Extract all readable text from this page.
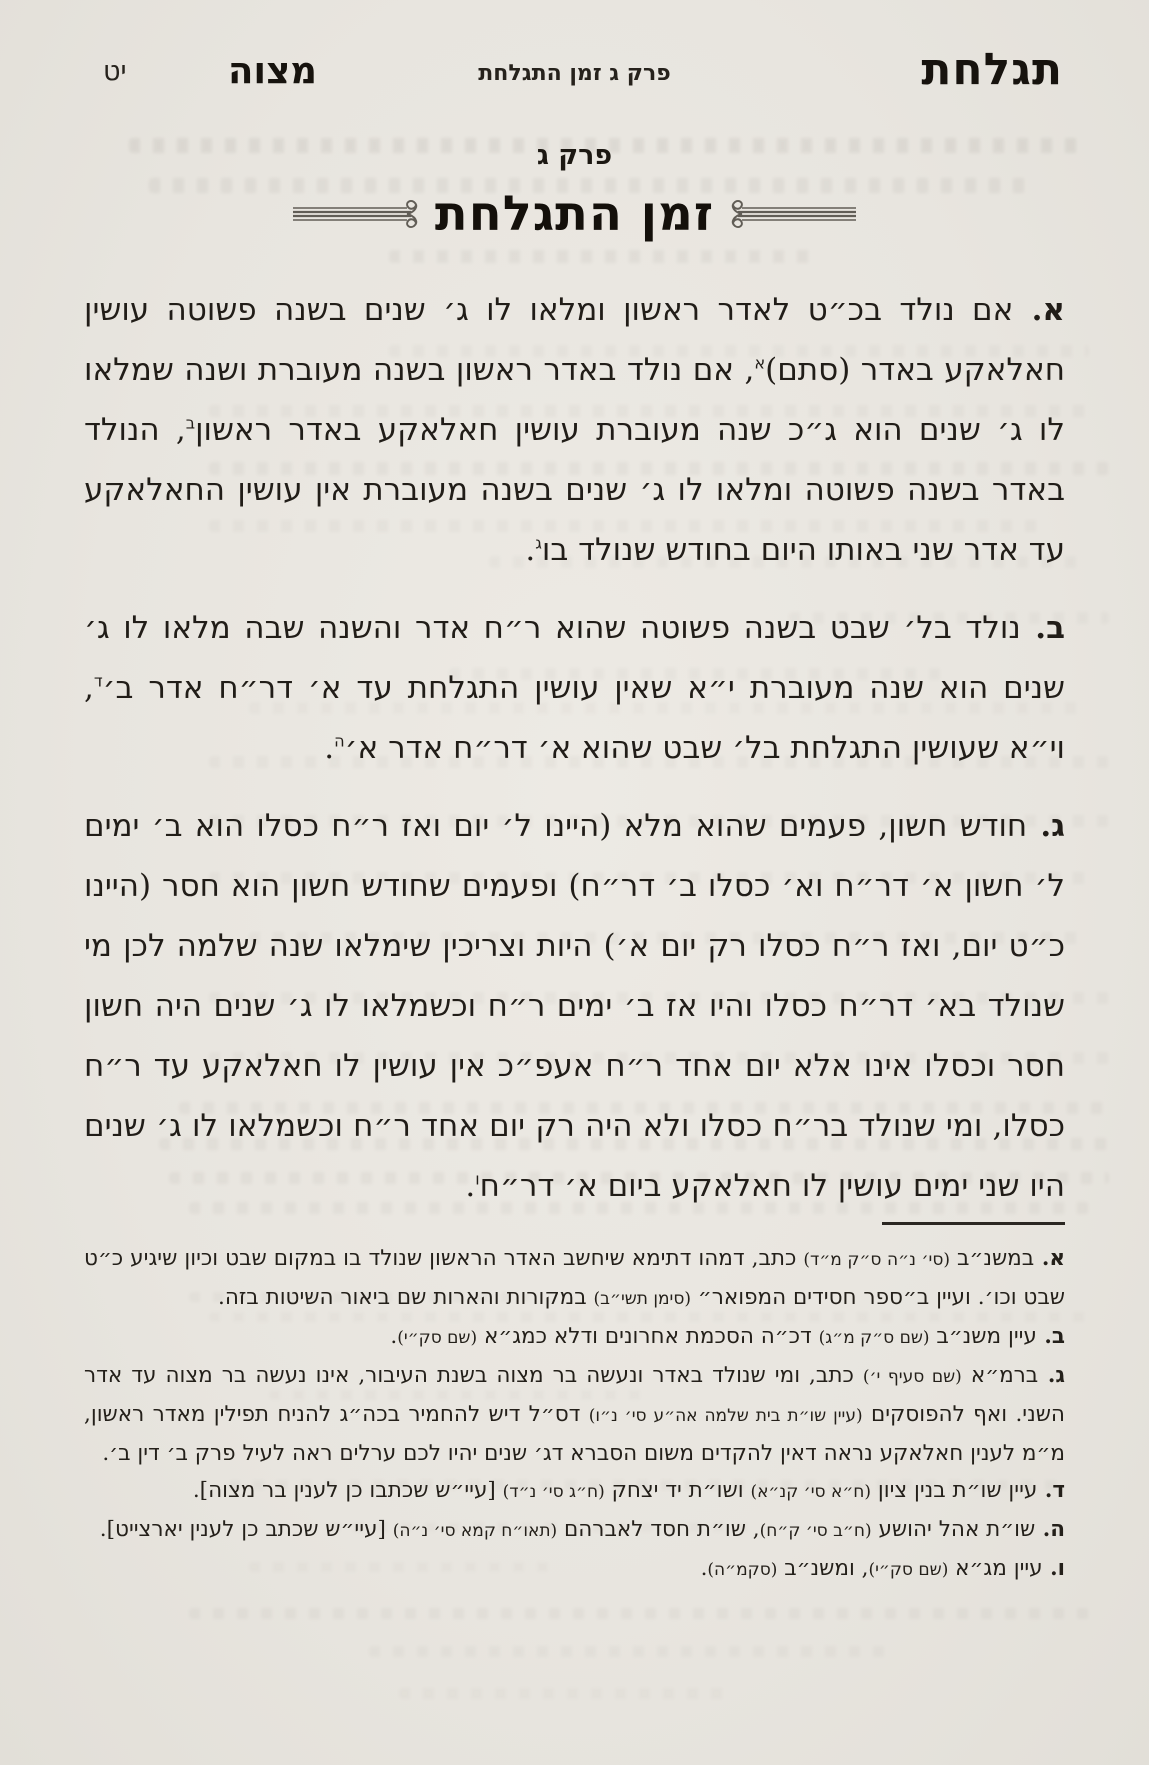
תגלחת
פרק ג זמן התגלחת
מצוה
יט
פרק ג
זמן התגלחת
א. אם נולד בכ״ט לאדר ראשון ומלאו לו ג׳ שנים בשנה פשוטה עושין חאלאקע באדר (סתם)$^א$, אם נולד באדר ראשון בשנה מעוברת ושנה שמלאו לו ג׳ שנים הוא ג״כ שנה מעוברת עושין חאלאקע באדר ראשון$^ב$, הנולד באדר בשנה פשוטה ומלאו לו ג׳ שנים בשנה מעוברת אין עושין החאלאקע עד אדר שני באותו היום בחודש שנולד בו$^ג$.
ב. נולד בל׳ שבט בשנה פשוטה שהוא ר״ח אדר והשנה שבה מלאו לו ג׳ שנים הוא שנה מעוברת י״א שאין עושין התגלחת עד א׳ דר״ח אדר ב׳$^ד$, וי״א שעושין התגלחת בל׳ שבט שהוא א׳ דר״ח אדר א׳$^ה$.
ג. חודש חשון, פעמים שהוא מלא (היינו ל׳ יום ואז ר״ח כסלו הוא ב׳ ימים ל׳ חשון א׳ דר״ח וא׳ כסלו ב׳ דר״ח) ופעמים שחודש חשון הוא חסר (היינו כ״ט יום, ואז ר״ח כסלו רק יום א׳) היות וצריכין שימלאו שנה שלמה לכן מי שנולד בא׳ דר״ח כסלו והיו אז ב׳ ימים ר״ח וכשמלאו לו ג׳ שנים היה חשון חסר וכסלו אינו אלא יום אחד ר״ח אעפ״כ אין עושין לו חאלאקע עד ר״ח כסלו, ומי שנולד בר״ח כסלו ולא היה רק יום אחד ר״ח וכשמלאו לו ג׳ שנים היו שני ימים עושין לו חאלאקע ביום א׳ דר״ח$^ו$.
א. במשנ״ב (סי׳ נ״ה ס״ק מ״ד) כתב, דמהו דתימא שיחשב האדר הראשון שנולד בו במקום שבט וכיון שיגיע כ״ט שבט וכו׳. ועיין ב״ספר חסידים המפואר״ (סימן תשי״ב) במקורות והארות שם ביאור השיטות בזה.
ב. עיין משנ״ב (שם ס״ק מ״ג) דכ״ה הסכמת אחרונים ודלא כמג״א (שם סק״י).
ג. ברמ״א (שם סעיף י׳) כתב, ומי שנולד באדר ונעשה בר מצוה בשנת העיבור, אינו נעשה בר מצוה עד אדר השני. ואף להפוסקים (עיין שו״ת בית שלמה אה״ע סי׳ נ״ו) דס״ל דיש להחמיר בכה״ג להניח תפילין מאדר ראשון, מ״מ לענין חאלאקע נראה דאין להקדים משום הסברא דג׳ שנים יהיו לכם ערלים ראה לעיל פרק ב׳ דין ב׳.
ד. עיין שו״ת בנין ציון (ח״א סי׳ קנ״א) ושו״ת יד יצחק (ח״ג סי׳ נ״ד) [עיי״ש שכתבו כן לענין בר מצוה].
ה. שו״ת אהל יהושע (ח״ב סי׳ ק״ח), שו״ת חסד לאברהם (תאו״ח קמא סי׳ נ״ה) [עיי״ש שכתב כן לענין יארצייט].
ו. עיין מג״א (שם סק״י), ומשנ״ב (סקמ״ה).
